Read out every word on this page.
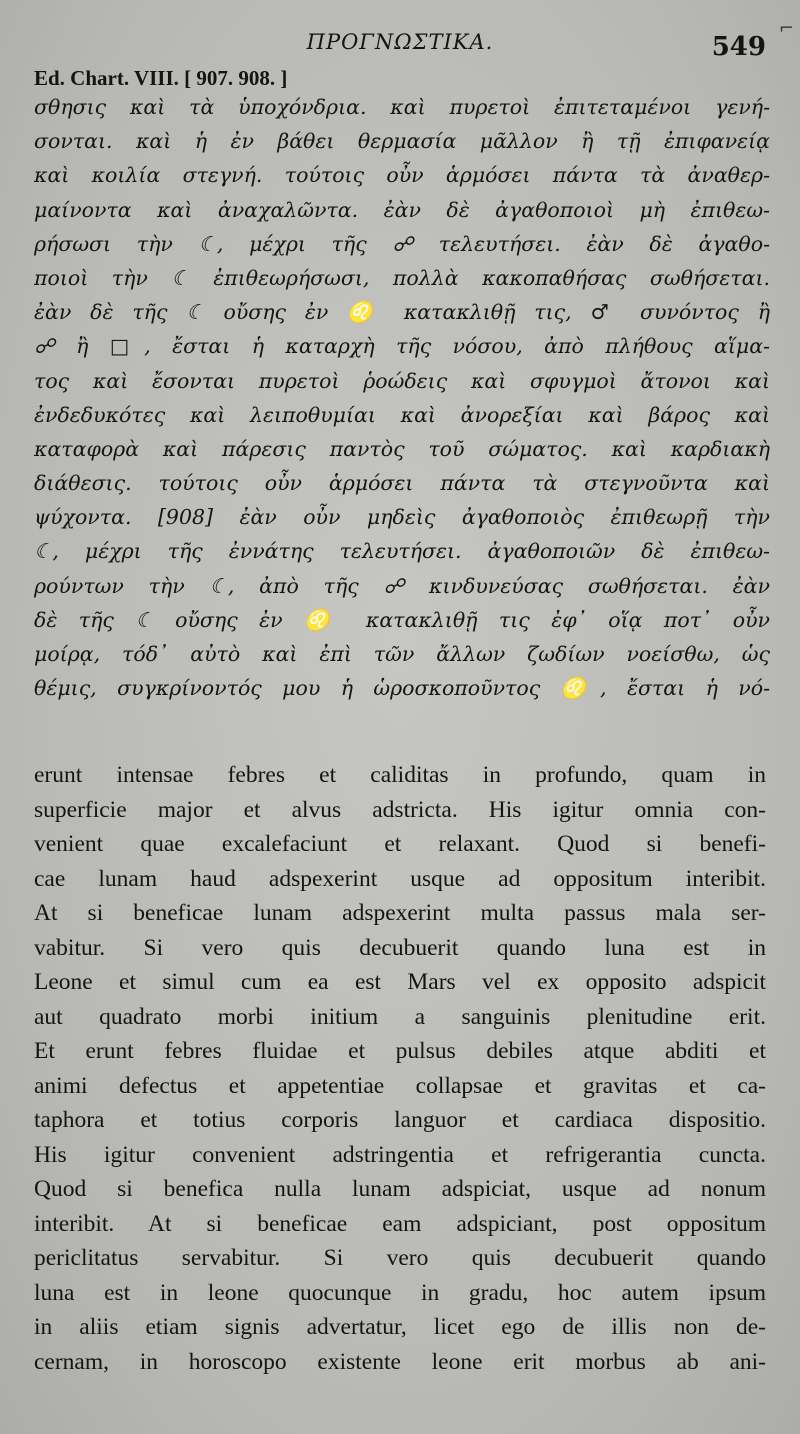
ΠΡΟΓΝΩΣΤΙΚΑ.	549
⌐
Ed. Chart. VIII. [ 907. 908. ]
σθησις καὶ τὰ ὑποχόνδρια. καὶ πυρετοὶ ἐπιτεταμένοι γενή-
σονται. καὶ ἡ ἐν βάθει θερμασία μᾶλλον ἢ τῇ ἐπιφανείᾳ
καὶ κοιλία στεγνή. τούτοις οὖν ἁρμόσει πάντα τὰ ἀναθερ-
μαίνοντα καὶ ἀναχαλῶντα. ἐὰν δὲ ἀγαθοποιοὶ μὴ ἐπιθεω-
ρήσωσι τὴν ☾, μέχρι τῆς ☍ τελευτήσει. ἐὰν δὲ ἀγαθο-
ποιοὶ τὴν ☾ ἐπιθεωρήσωσι, πολλὰ κακοπαθήσας σωθήσεται.
ἐὰν δὲ τῆς ☾ οὔσης ἐν ♌ κατακλιθῇ τις, ♂ συνόντος ἢ
☍ ἢ □, ἔσται ἡ καταρχὴ τῆς νόσου, ἀπὸ πλήθους αἵμα-
τος καὶ ἔσονται πυρετοὶ ῥοώδεις καὶ σφυγμοὶ ἄτονοι καὶ
ἐνδεδυκότες καὶ λειποθυμίαι καὶ ἀνορεξίαι καὶ βάρος καὶ
καταφορὰ καὶ πάρεσις παντὸς τοῦ σώματος. καὶ καρδιακὴ
διάθεσις. τούτοις οὖν ἁρμόσει πάντα τὰ στεγνοῦντα καὶ
ψύχοντα. [908] ἐὰν οὖν μηδεὶς ἀγαθοποιὸς ἐπιθεωρῇ τὴν
☾, μέχρι τῆς ἐννάτης τελευτήσει. ἀγαθοποιῶν δὲ ἐπιθεω-
ρούντων τὴν ☾, ἀπὸ τῆς ☍ κινδυνεύσας σωθήσεται. ἐὰν
δὲ τῆς ☾ οὔσης ἐν ♌ κατακλιθῇ τις ἐφ᾽ οἵᾳ ποτ᾽ οὖν
μοίρᾳ, τόδ᾽ αὐτὸ καὶ ἐπὶ τῶν ἄλλων ζωδίων νοείσθω, ὡς
θέμις, συγκρίνοντός μου ἡ ὡροσκοποῦντος ♌, ἔσται ἡ νό-
erunt intensae febres et caliditas in profundo, quam in
superficie major et alvus adstricta. His igitur omnia con-
venient quae excalefaciunt et relaxant. Quod si benefi-
cae lunam haud adspexerint usque ad oppositum interibit.
At si beneficae lunam adspexerint multa passus mala ser-
vabitur. Si vero quis decubuerit quando luna est in
Leone et simul cum ea est Mars vel ex opposito adspicit
aut quadrato morbi initium a sanguinis plenitudine erit.
Et erunt febres fluidae et pulsus debiles atque abditi et
animi defectus et appetentiae collapsae et gravitas et ca-
taphora et totius corporis languor et cardiaca dispositio.
His igitur convenient adstringentia et refrigerantia cuncta.
Quod si benefica nulla lunam adspiciat, usque ad nonum
interibit. At si beneficae eam adspiciant, post oppositum
periclitatus servabitur. Si vero quis decubuerit quando
luna est in leone quocunque in gradu, hoc autem ipsum
in aliis etiam signis advertatur, licet ego de illis non de-
cernam, in horoscopo existente leone erit morbus ab ani-
